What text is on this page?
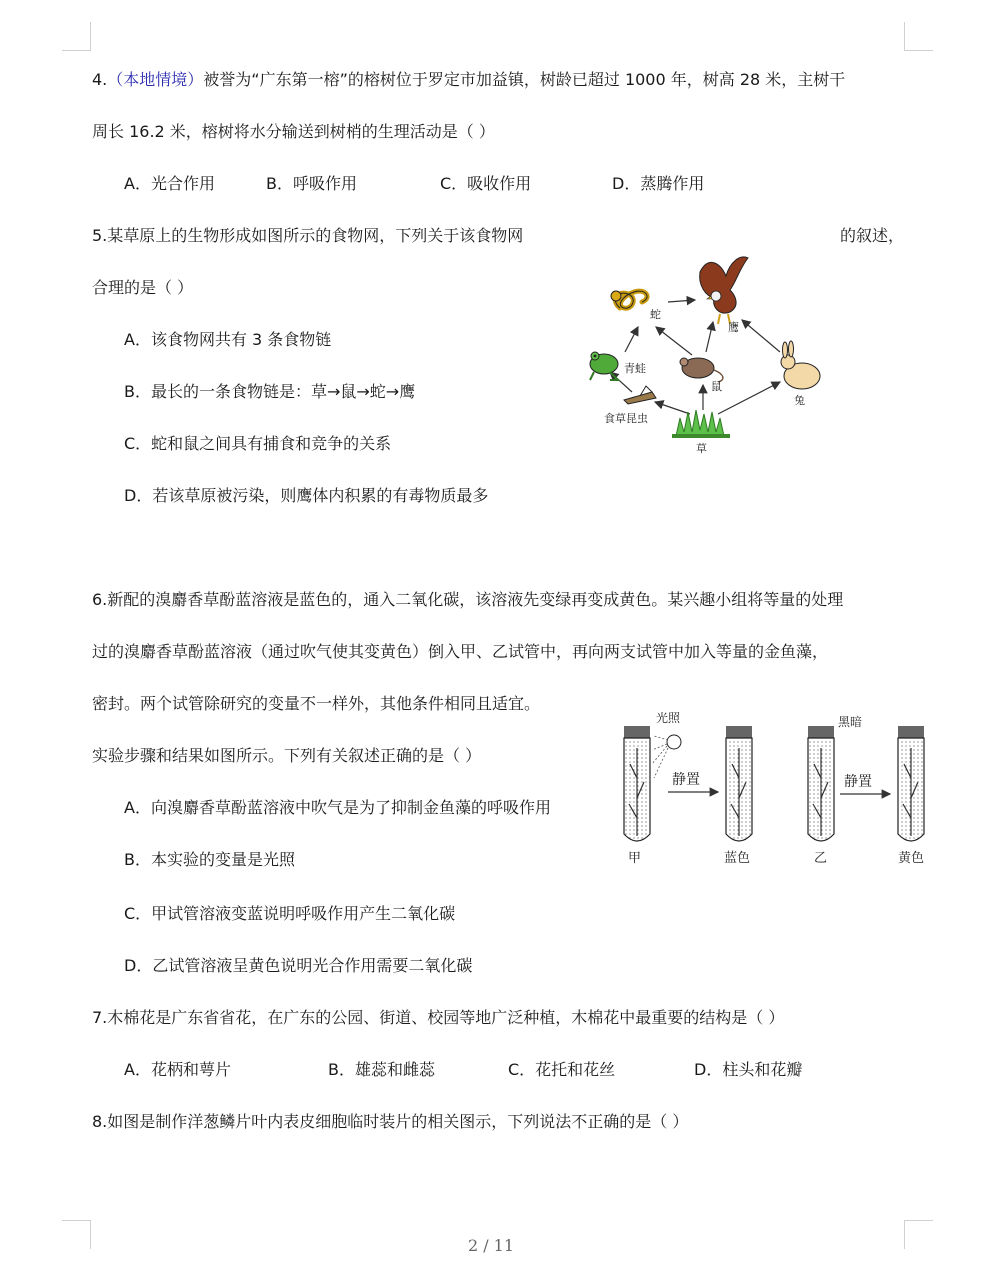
4.（本地情境）被誉为“广东第一榕”的榕树位于罗定市加益镇，树龄已超过 1000 年，树高 28 米，主树干
周长 16.2 米，榕树将水分输送到树梢的生理活动是（ ）
A．光合作用	B．呼吸作用	C．吸收作用	D．蒸腾作用
5.某草原上的生物形成如图所示的食物网，下列关于该食物网	的叙述，
合理的是（ ）
A．该食物网共有 3 条食物链
B．最长的一条食物链是：草→鼠→蛇→鹰
C．蛇和鼠之间具有捕食和竞争的关系
D．若该草原被污染，则鹰体内积累的有毒物质最多
蛇
鹰
青蛙
鼠
兔
食草昆虫
草
6.新配的溴麝香草酚蓝溶液是蓝色的，通入二氧化碳，该溶液先变绿再变成黄色。某兴趣小组将等量的处理
过的溴麝香草酚蓝溶液（通过吹气使其变黄色）倒入甲、乙试管中，再向两支试管中加入等量的金鱼藻，
密封。两个试管除研究的变量不一样外，其他条件相同且适宜。
实验步骤和结果如图所示。下列有关叙述正确的是（ ）
A．向溴麝香草酚蓝溶液中吹气是为了抑制金鱼藻的呼吸作用
B．本实验的变量是光照
C．甲试管溶液变蓝说明呼吸作用产生二氧化碳
D．乙试管溶液呈黄色说明光合作用需要二氧化碳
光照
静置
黑暗
静置
甲	蓝色	乙	黄色
7.木棉花是广东省省花，在广东的公园、街道、校园等地广泛种植，木棉花中最重要的结构是（ ）
A．花柄和萼片	B．雄蕊和雌蕊	C．花托和花丝	D．柱头和花瓣
8.如图是制作洋葱鳞片叶内表皮细胞临时装片的相关图示，下列说法不正确的是（ ）
2 / 11
